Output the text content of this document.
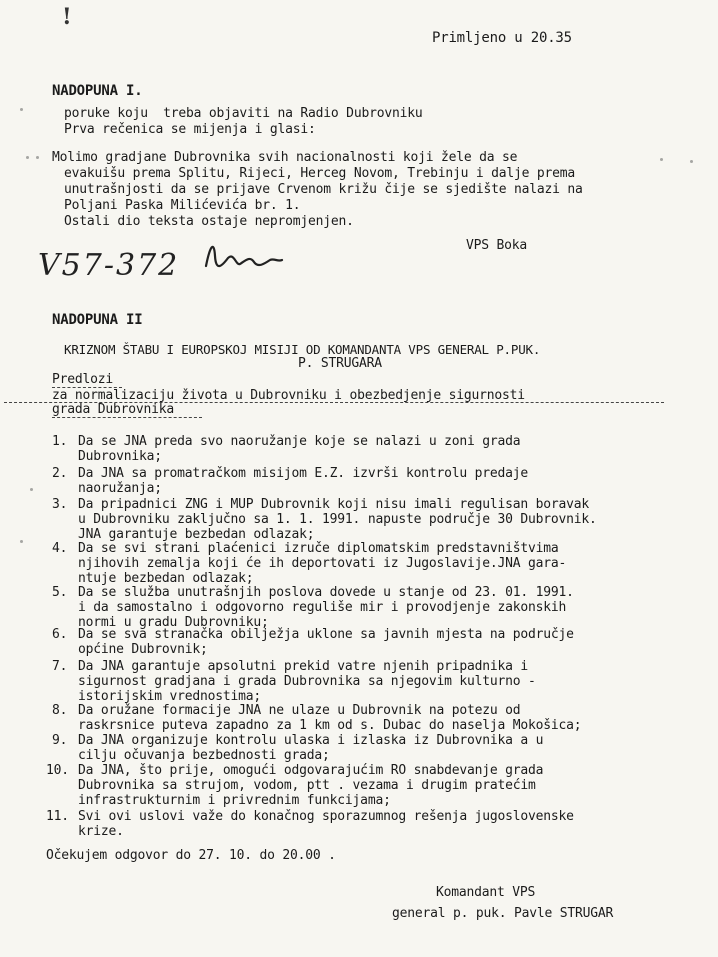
!
Primljeno u 20.35
NADOPUNA I.
poruke koju  treba objaviti na Radio Dubrovniku
Prva rečenica se mijenja i glasi:
Molimo gradjane Dubrovnika svih nacionalnosti koji žele da se
evakuišu prema Splitu, Rijeci, Herceg Novom, Trebinju i dalje prema
unutrašnjosti da se prijave Crvenom križu čije se sjedište nalazi na
Poljani Paska Milićevića br. 1.
Ostali dio teksta ostaje nepromjenjen.
VPS Boka
V57-372
NADOPUNA II
KRIZNOM ŠTABU I EUROPSKOJ MISIJI OD KOMANDANTA VPS GENERAL P.PUK.
P. STRUGARA
Predlozi
za normalizaciju života u Dubrovniku i obezbedjenje sigurnosti
grada Dubrovnika
1. Da se JNA preda svo naoružanje koje se nalazi u zoni grada
Dubrovnika;
2. Da JNA sa promatračkom misijom E.Z. izvrši kontrolu predaje
naoružanja;
3. Da pripadnici ZNG i MUP Dubrovnik koji nisu imali regulisan boravak
u Dubrovniku zaključno sa 1. 1. 1991. napuste područje 30 Dubrovnik.
JNA garantuje bezbedan odlazak;
4. Da se svi strani plaćenici izruče diplomatskim predstavništvima
njihovih zemalja koji će ih deportovati iz Jugoslavije.JNA gara-
ntuje bezbedan odlazak;
5. Da se služba unutrašnjih poslova dovede u stanje od 23. 01. 1991.
i da samostalno i odgovorno reguliše mir i provodjenje zakonskih
normi u gradu Dubrovniku;
6. Da se sva stranačka obilježja uklone sa javnih mjesta na područje
općine Dubrovnik;
7. Da JNA garantuje apsolutni prekid vatre njenih pripadnika i
sigurnost gradjana i grada Dubrovnika sa njegovim kulturno -
istorijskim vrednostima;
8. Da oružane formacije JNA ne ulaze u Dubrovnik na potezu od
raskrsnice puteva zapadno za 1 km od s. Dubac do naselja Mokošica;
9. Da JNA organizuje kontrolu ulaska i izlaska iz Dubrovnika a u
cilju očuvanja bezbednosti grada;
10. Da JNA, što prije, omogući odgovarajućim RO snabdevanje grada
Dubrovnika sa strujom, vodom, ptt . vezama i drugim pratećim
infrastrukturnim i privrednim funkcijama;
11. Svi ovi uslovi važe do konačnog sporazumnog rešenja jugoslovenske
krize.
Očekujem odgovor do 27. 10. do 20.00 .
Komandant VPS
general p. puk. Pavle STRUGAR
